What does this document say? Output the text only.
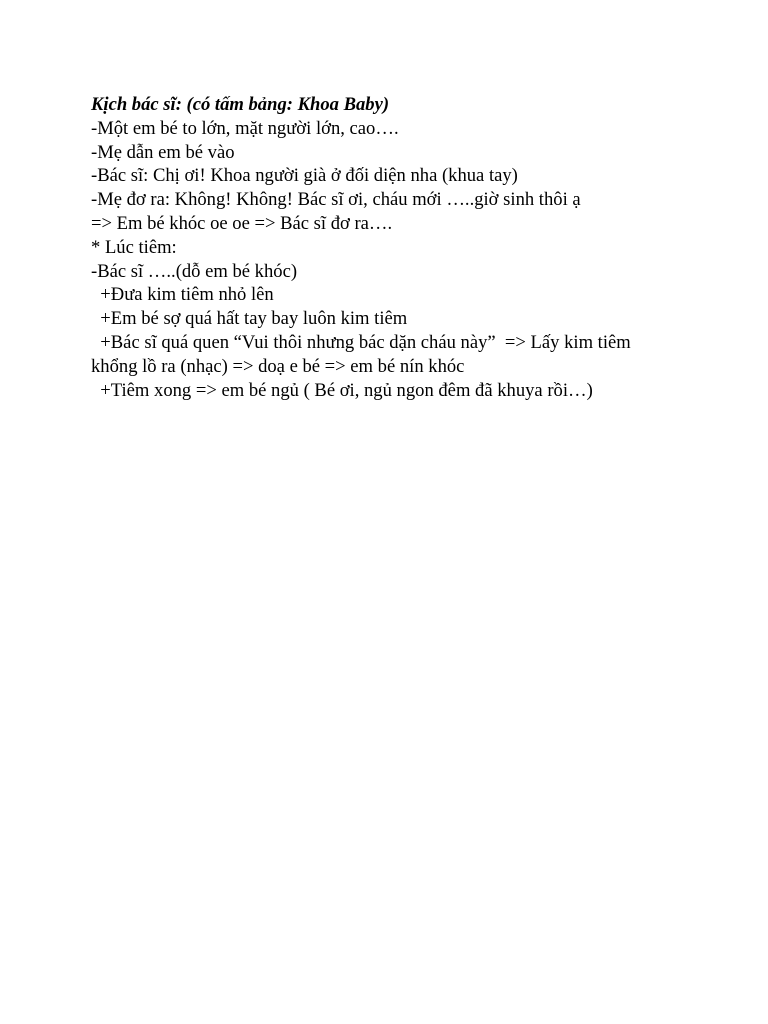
Kịch bác sĩ: (có tấm bảng: Khoa Baby)
-Một em bé to lớn, mặt người lớn, cao….
-Mẹ dẫn em bé vào
-Bác sĩ: Chị ơi! Khoa người già ở đối diện nha (khua tay)
-Mẹ đơ ra: Không! Không! Bác sĩ ơi, cháu mới …..giờ sinh thôi ạ
=> Em bé khóc oe oe => Bác sĩ đơ ra….
* Lúc tiêm:
-Bác sĩ …..(dỗ em bé khóc)
+Đưa kim tiêm nhỏ lên
+Em bé sợ quá hất tay bay luôn kim tiêm
+Bác sĩ quá quen “Vui thôi nhưng bác dặn cháu này”  => Lấy kim tiêm
khổng lồ ra (nhạc) => doạ e bé => em bé nín khóc
+Tiêm xong => em bé ngủ ( Bé ơi, ngủ ngon đêm đã khuya rồi…)
